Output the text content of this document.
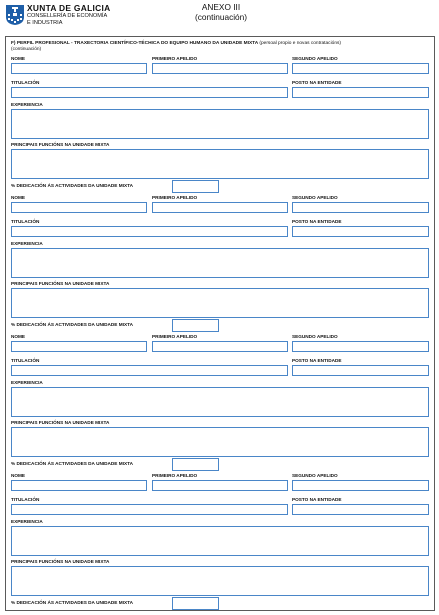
XUNTA DE GALICIA
CONSELLERÍA DE ECONOMÍA
E INDUSTRIA
ANEXO III
(continuación)
F) PERFIL PROFESIONAL - TRAXECTORIA CIENTÍFICO-TÉCHICA DO EQUIPO HUMANO DA UNIDADE MIXTA (persoal propio e novas contratacións)
(continuación)
NOME	PRIMEIRO APELIDO	SEGUNDO APELIDO
TITULACIÓN	POSTO NA ENTIDADE
EXPERIENCIA
PRINCIPAIS FUNCIÓNS NA UNIDADE MIXTA
% DEDICACIÓN ÁS ACTIVIDADES DA UNIDADE MIXTA
NOME	PRIMEIRO APELIDO	SEGUNDO APELIDO
TITULACIÓN	POSTO NA ENTIDADE
EXPERIENCIA
PRINCIPAIS FUNCIÓNS NA UNIDADE MIXTA
% DEDICACIÓN ÁS ACTIVIDADES DA UNIDADE MIXTA
NOME	PRIMEIRO APELIDO	SEGUNDO APELIDO
TITULACIÓN	POSTO NA ENTIDADE
EXPERIENCIA
PRINCIPAIS FUNCIÓNS NA UNIDADE MIXTA
% DEDICACIÓN ÁS ACTIVIDADES DA UNIDADE MIXTA
NOME	PRIMEIRO APELIDO	SEGUNDO APELIDO
TITULACIÓN	POSTO NA ENTIDADE
EXPERIENCIA
PRINCIPAIS FUNCIÓNS NA UNIDADE MIXTA
% DEDICACIÓN ÁS ACTIVIDADES DA UNIDADE MIXTA
